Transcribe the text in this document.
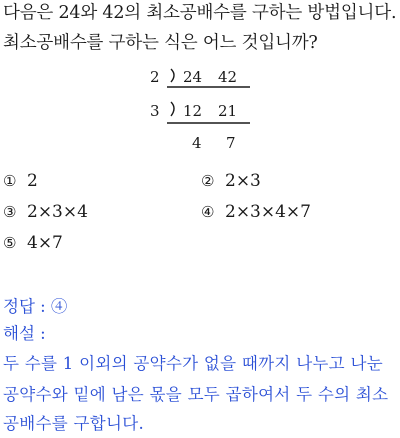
다음은 24와 42의 최소공배수를 구하는 방법입니다.
최소공배수를 구하는 식은 어느 것입니까?
2 24 42
3 12 21
4 7
① 2	② 2×3
③ 2×3×4	④ 2×3×4×7
⑤ 4×7
정답 : ④
해설 :
두 수를 1 이외의 공약수가 없을 때까지 나누고 나눈
공약수와 밑에 남은 몫을 모두 곱하여서 두 수의 최소
공배수를 구합니다.
